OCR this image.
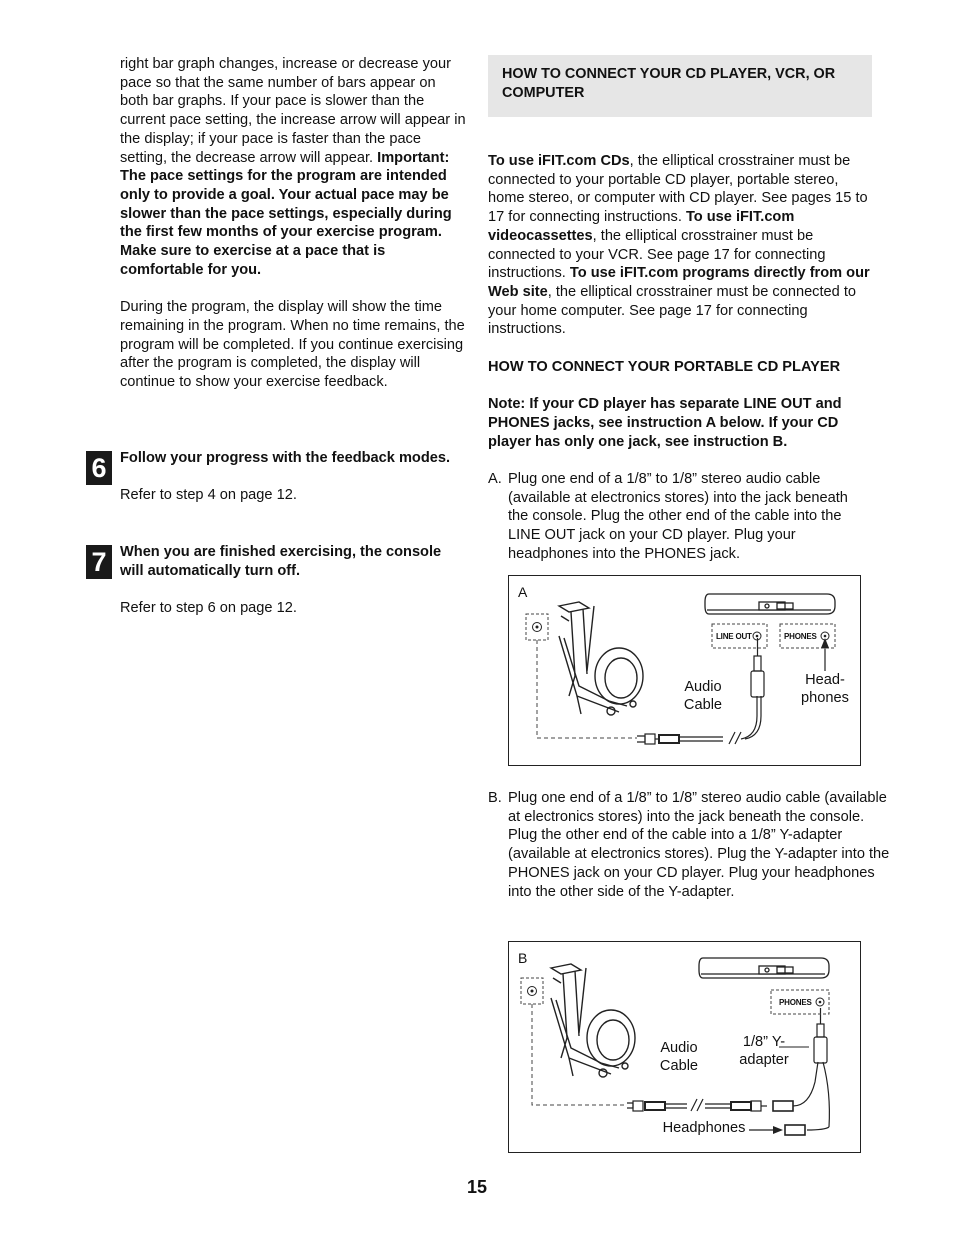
right bar graph changes, increase or decrease your pace so that the same number of bars appear on both bar graphs. If your pace is slower than the current pace setting, the increase arrow will appear in the display; if your pace is faster than the pace setting, the decrease arrow will appear. Important: The pace settings for the program are intended only to provide a goal. Your actual pace may be slower than the pace settings, especially during the first few months of your exercise program. Make sure to exercise at a pace that is comfortable for you.

During the program, the display will show the time remaining in the program. When no time remains, the program will be completed. If you continue exercising after the program is completed, the display will continue to show your exercise feedback.

6 Follow your progress with the feedback modes.
Refer to step 4 on page 12.
7 When you are finished exercising, the console will automatically turn off.
Refer to step 6 on page 12.
HOW TO CONNECT YOUR CD PLAYER, VCR, OR COMPUTER

To use iFIT.com CDs, the elliptical crosstrainer must be connected to your portable CD player, portable stereo, home stereo, or computer with CD player. See pages 15 to 17 for connecting instructions. To use iFIT.com videocassettes, the elliptical crosstrainer must be connected to your VCR. See page 17 for connecting instructions. To use iFIT.com programs directly from our Web site, the elliptical crosstrainer must be connected to your home computer. See page 17 for connecting instructions.

HOW TO CONNECT YOUR PORTABLE CD PLAYER

Note: If your CD player has separate LINE OUT and PHONES jacks, see instruction A below. If your CD player has only one jack, see instruction B.

A. Plug one end of a 1/8” to 1/8” stereo audio cable (available at electronics stores) into the jack beneath the console. Plug the other end of the cable into the LINE OUT jack on your CD player. Plug your headphones into the PHONES jack.

B. Plug one end of a 1/8” to 1/8” stereo audio cable (available at electronics stores) into the jack beneath the console. Plug the other end of the cable into a 1/8” Y-adapter (available at electronics stores). Plug the Y-adapter into the PHONES jack on your CD player. Plug your headphones into the other side of the Y-adapter.
A
LINE OUT	PHONES
Audio Cable
Head- phones
B
PHONES
Audio Cable
1/8” Y-adapter
Headphones
15
